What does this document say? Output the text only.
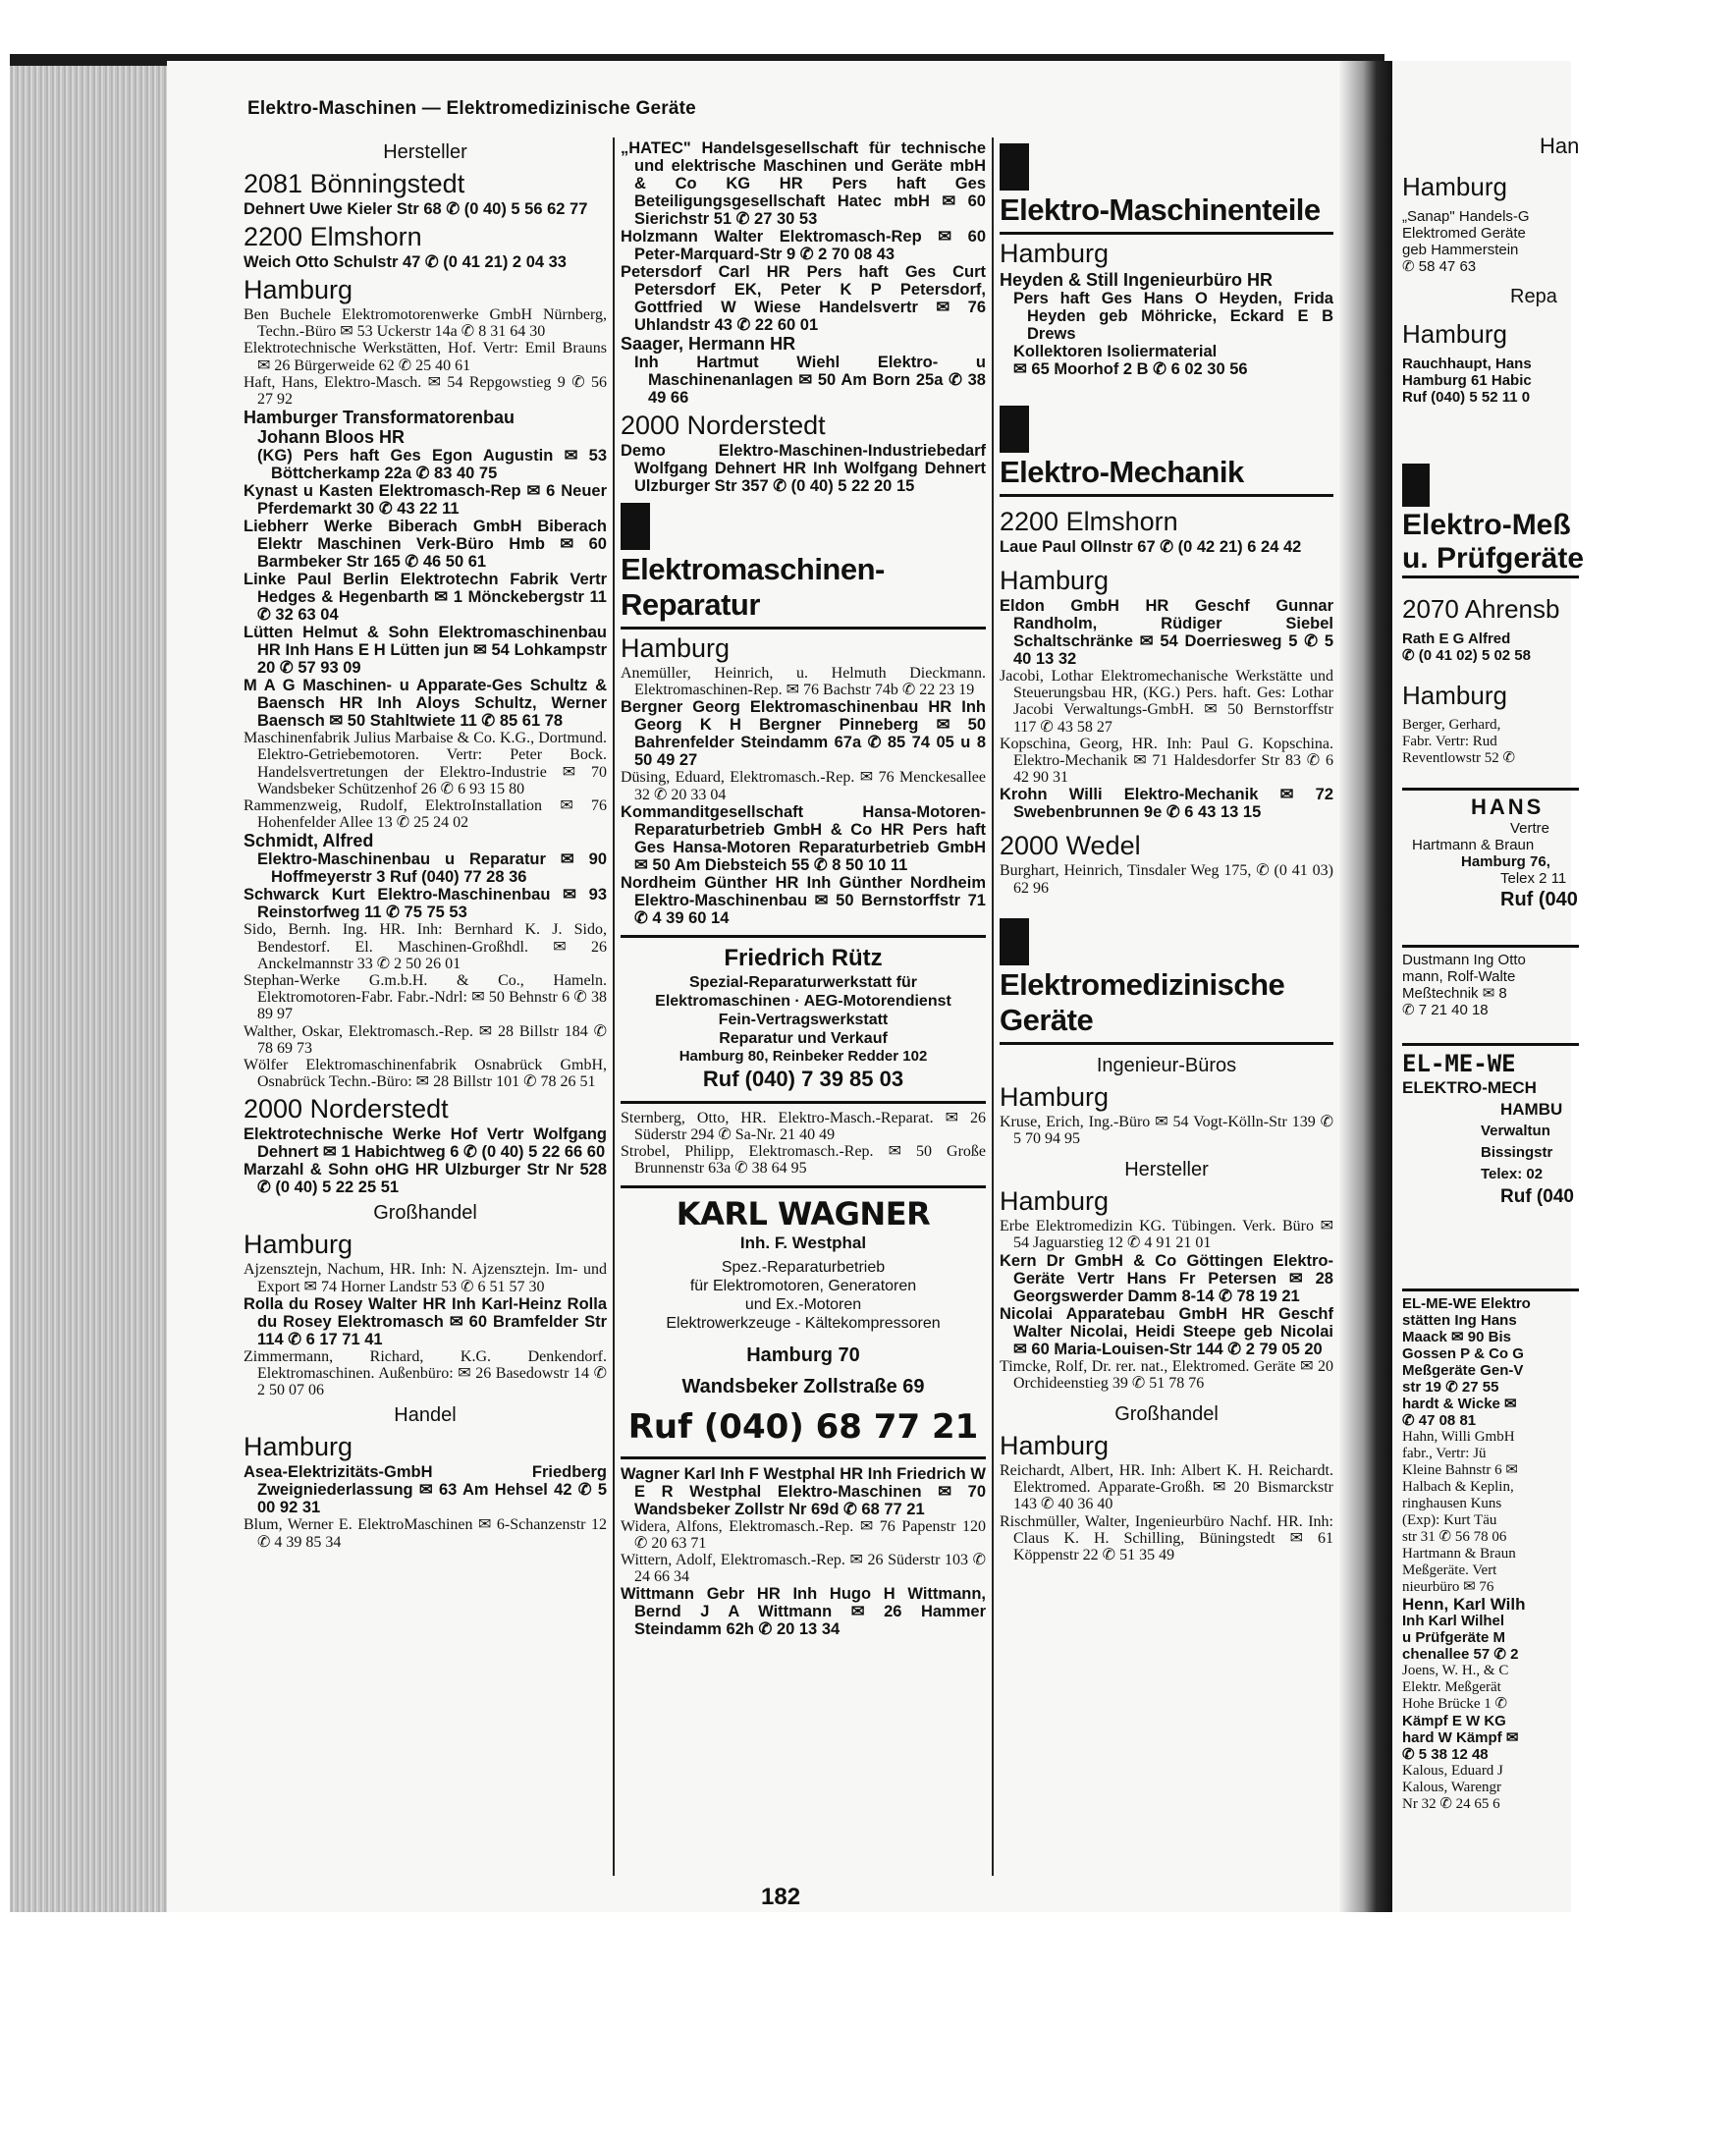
Elektro-Maschinen — Elektromedizinische Geräte
Hersteller
2081 Bönningstedt
Dehnert Uwe Kieler Str 68 ✆ (0 40) 5 56 62 77
2200 Elmshorn
Weich Otto Schulstr 47 ✆ (0 41 21) 2 04 33
Hamburg
Ben Buchele Elektromotorenwerke GmbH Nürnberg, Techn.-Büro ✉ 53 Uckerstr 14a ✆ 8 31 64 30
Elektrotechnische Werkstätten, Hof. Vertr: Emil Brauns ✉ 26 Bürgerweide 62 ✆ 25 40 61
Haft, Hans, Elektro-Masch. ✉ 54 Repgowstieg 9 ✆ 56 27 92
Hamburger Transformatorenbau
Johann Bloos HR
(KG) Pers haft Ges Egon Augustin ✉ 53 Böttcherkamp 22a ✆ 83 40 75
Kynast u Kasten Elektromasch-Rep ✉ 6 Neuer Pferdemarkt 30 ✆ 43 22 11
Liebherr Werke Biberach GmbH Biberach Elektr Maschinen Verk-Büro Hmb ✉ 60 Barmbeker Str 165 ✆ 46 50 61
Linke Paul Berlin Elektrotechn Fabrik Vertr Hedges & Hegenbarth ✉ 1 Mönckebergstr 11 ✆ 32 63 04
Lütten Helmut & Sohn Elektromaschinenbau HR Inh Hans E H Lütten jun ✉ 54 Lohkampstr 20 ✆ 57 93 09
M A G Maschinen- u Apparate-Ges Schultz & Baensch HR Inh Aloys Schultz, Werner Baensch ✉ 50 Stahltwiete 11 ✆ 85 61 78
Maschinenfabrik Julius Marbaise & Co. K.G., Dortmund. Elektro-Getriebemotoren. Vertr: Peter Bock. Handelsvertretungen der Elektro-Industrie ✉ 70 Wandsbeker Schützenhof 26 ✆ 6 93 15 80
Rammenzweig, Rudolf, ElektroInstallation ✉ 76 Hohenfelder Allee 13 ✆ 25 24 02
Schmidt, Alfred
Elektro-Maschinenbau u Reparatur ✉ 90 Hoffmeyerstr 3 Ruf (040) 77 28 36
Schwarck Kurt Elektro-Maschinenbau ✉ 93 Reinstorfweg 11 ✆ 75 75 53
Sido, Bernh. Ing. HR. Inh: Bernhard K. J. Sido, Bendestorf. El. Maschinen-Großhdl. ✉ 26 Anckelmannstr 33 ✆ 2 50 26 01
Stephan-Werke G.m.b.H. & Co., Hameln. Elektromotoren-Fabr. Fabr.-Ndrl: ✉ 50 Behnstr 6 ✆ 38 89 97
Walther, Oskar, Elektromasch.-Rep. ✉ 28 Billstr 184 ✆ 78 69 73
Wölfer Elektromaschinenfabrik Osnabrück GmbH, Osnabrück Techn.-Büro: ✉ 28 Billstr 101 ✆ 78 26 51
2000 Norderstedt
Elektrotechnische Werke Hof Vertr Wolfgang Dehnert ✉ 1 Habichtweg 6 ✆ (0 40) 5 22 66 60
Marzahl & Sohn oHG HR Ulzburger Str Nr 528 ✆ (0 40) 5 22 25 51
Großhandel
Hamburg
Ajzensztejn, Nachum, HR. Inh: N. Ajzensztejn. Im- und Export ✉ 74 Horner Landstr 53 ✆ 6 51 57 30
Rolla du Rosey Walter HR Inh Karl-Heinz Rolla du Rosey Elektromasch ✉ 60 Bramfelder Str 114 ✆ 6 17 71 41
Zimmermann, Richard, K.G. Denkendorf. Elektromaschinen. Außenbüro: ✉ 26 Basedowstr 14 ✆ 2 50 07 06
Handel
Hamburg
Asea-Elektrizitäts-GmbH Friedberg Zweigniederlassung ✉ 63 Am Hehsel 42 ✆ 5 00 92 31
Blum, Werner E. ElektroMaschinen ✉ 6-Schanzenstr 12 ✆ 4 39 85 34
„HATEC" Handelsgesellschaft für technische und elektrische Maschinen und Geräte mbH & Co KG HR Pers haft Ges Beteiligungsgesellschaft Hatec mbH ✉ 60 Sierichstr 51 ✆ 27 30 53
Holzmann Walter Elektromasch-Rep ✉ 60 Peter-Marquard-Str 9 ✆ 2 70 08 43
Petersdorf Carl HR Pers haft Ges Curt Petersdorf EK, Peter K P Petersdorf, Gottfried W Wiese Handelsvertr ✉ 76 Uhlandstr 43 ✆ 22 60 01
Saager, Hermann HR
Inh Hartmut Wiehl Elektro- u Maschinenanlagen ✉ 50 Am Born 25a ✆ 38 49 66
2000 Norderstedt
Demo Elektro-Maschinen-Industriebedarf Wolfgang Dehnert HR Inh Wolfgang Dehnert Ulzburger Str 357 ✆ (0 40) 5 22 20 15
Elektromaschinen-Reparatur
Hamburg
Anemüller, Heinrich, u. Helmuth Dieckmann. Elektromaschinen-Rep. ✉ 76 Bachstr 74b ✆ 22 23 19
Bergner Georg Elektromaschinenbau HR Inh Georg K H Bergner Pinneberg ✉ 50 Bahrenfelder Steindamm 67a ✆ 85 74 05 u 8 50 49 27
Düsing, Eduard, Elektromasch.-Rep. ✉ 76 Menckesallee 32 ✆ 20 33 04
Kommanditgesellschaft Hansa-Motoren-Reparaturbetrieb GmbH & Co HR Pers haft Ges Hansa-Motoren Reparaturbetrieb GmbH ✉ 50 Am Diebsteich 55 ✆ 8 50 10 11
Nordheim Günther HR Inh Günther Nordheim Elektro-Maschinenbau ✉ 50 Bernstorffstr 71 ✆ 4 39 60 14
Friedrich Rütz
Spezial-Reparaturwerkstatt für
Elektromaschinen · AEG-Motorendienst
Fein-Vertragswerkstatt
Reparatur und Verkauf
Hamburg 80, Reinbeker Redder 102
Ruf (040) 7 39 85 03
Sternberg, Otto, HR. Elektro-Masch.-Reparat. ✉ 26 Süderstr 294 ✆ Sa-Nr. 21 40 49
Strobel, Philipp, Elektromasch.-Rep. ✉ 50 Große Brunnenstr 63a ✆ 38 64 95
KARL WAGNER
Inh. F. Westphal
Spez.-Reparaturbetrieb
für Elektromotoren, Generatoren
und Ex.-Motoren
Elektrowerkzeuge - Kältekompressoren
Hamburg 70
Wandsbeker Zollstraße 69
Ruf (040) 68 77 21
Wagner Karl Inh F Westphal HR Inh Friedrich W E R Westphal Elektro-Maschinen ✉ 70 Wandsbeker Zollstr Nr 69d ✆ 68 77 21
Widera, Alfons, Elektromasch.-Rep. ✉ 76 Papenstr 120 ✆ 20 63 71
Wittern, Adolf, Elektromasch.-Rep. ✉ 26 Süderstr 103 ✆ 24 66 34
Wittmann Gebr HR Inh Hugo H Wittmann, Bernd J A Wittmann ✉ 26 Hammer Steindamm 62h ✆ 20 13 34
Elektro-Maschinenteile
Hamburg
Heyden & Still Ingenieurbüro HR
Pers haft Ges Hans O Heyden, Frida Heyden geb Möhricke, Eckard E B Drews
Kollektoren Isoliermaterial
✉ 65 Moorhof 2 B ✆ 6 02 30 56
Elektro-Mechanik
2200 Elmshorn
Laue Paul Ollnstr 67 ✆ (0 42 21) 6 24 42
Hamburg
Eldon GmbH HR Geschf Gunnar Randholm, Rüdiger Siebel Schaltschränke ✉ 54 Doerriesweg 5 ✆ 5 40 13 32
Jacobi, Lothar Elektromechanische Werkstätte und Steuerungsbau HR, (KG.) Pers. haft. Ges: Lothar Jacobi Verwaltungs-GmbH. ✉ 50 Bernstorffstr 117 ✆ 43 58 27
Kopschina, Georg, HR. Inh: Paul G. Kopschina. Elektro-Mechanik ✉ 71 Haldesdorfer Str 83 ✆ 6 42 90 31
Krohn Willi Elektro-Mechanik ✉ 72 Swebenbrunnen 9e ✆ 6 43 13 15
2000 Wedel
Burghart, Heinrich, Tinsdaler Weg 175, ✆ (0 41 03) 62 96
Elektromedizinische Geräte
Ingenieur-Büros
Hamburg
Kruse, Erich, Ing.-Büro ✉ 54 Vogt-Kölln-Str 139 ✆ 5 70 94 95
Hersteller
Hamburg
Erbe Elektromedizin KG. Tübingen. Verk. Büro ✉ 54 Jaguarstieg 12 ✆ 4 91 21 01
Kern Dr GmbH & Co Göttingen Elektro-Geräte Vertr Hans Fr Petersen ✉ 28 Georgswerder Damm 8-14 ✆ 78 19 21
Nicolai Apparatebau GmbH HR Geschf Walter Nicolai, Heidi Steepe geb Nicolai ✉ 60 Maria-Louisen-Str 144 ✆ 2 79 05 20
Timcke, Rolf, Dr. rer. nat., Elektromed. Geräte ✉ 20 Orchideenstieg 39 ✆ 51 78 76
Großhandel
Hamburg
Reichardt, Albert, HR. Inh: Albert K. H. Reichardt. Elektromed. Apparate-Großh. ✉ 20 Bismarckstr 143 ✆ 40 36 40
Rischmüller, Walter, Ingenieurbüro Nachf. HR. Inh: Claus K. H. Schilling, Büningstedt ✉ 61 Köppenstr 22 ✆ 51 35 49
182
Han
Hamburg
„Sanap" Handels-G
Elektromed Geräte
geb Hammerstein
✆ 58 47 63
Repa
Hamburg
Rauchhaupt, Hans
Hamburg 61 Habic
Ruf (040) 5 52 11 0
Elektro-Meß
u. Prüfgeräte
2070 Ahrensb
Rath E G Alfred
✆ (0 41 02) 5 02 58
Hamburg
Berger, Gerhard,
Fabr. Vertr: Rud
Reventlowstr 52 ✆
HANS
Vertre
Hartmann & Braun
Hamburg 76,
Telex 2 11
Ruf (040
Dustmann Ing Otto
mann, Rolf-Walte
Meßtechnik ✉ 8
✆ 7 21 40 18
EL-ME-WE
ELEKTRO-MECH
HAMBU
Verwaltun
Bissingstr
Telex: 02
Ruf (040
EL-ME-WE Elektro
stätten Ing Hans
Maack ✉ 90 Bis
Gossen P & Co G
Meßgeräte Gen-V
str 19 ✆ 27 55
hardt & Wicke ✉
✆ 47 08 81
Hahn, Willi GmbH
fabr., Vertr: Jü
Kleine Bahnstr 6 ✉
Halbach & Keplin,
ringhausen Kuns
(Exp): Kurt Täu
str 31 ✆ 56 78 06
Hartmann & Braun
Meßgeräte. Vert
nieurbüro ✉ 76
Henn, Karl Wilh
Inh Karl Wilhel
u Prüfgeräte M
chenallee 57 ✆ 2
Joens, W. H., & C
Elektr. Meßgerät
Hohe Brücke 1 ✆
Kämpf E W KG
hard W Kämpf ✉
✆ 5 38 12 48
Kalous, Eduard J
Kalous, Warengr
Nr 32 ✆ 24 65 6
